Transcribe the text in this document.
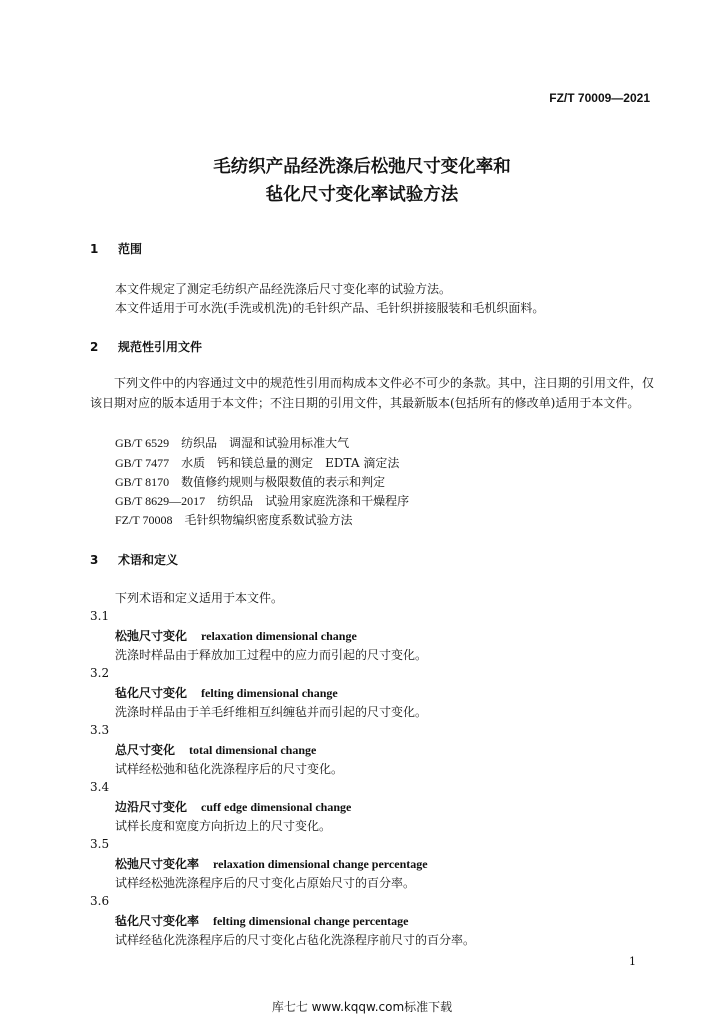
FZ/T 70009—2021
毛纺织产品经洗涤后松弛尺寸变化率和
毡化尺寸变化率试验方法
1 范围
本文件规定了测定毛纺织产品经洗涤后尺寸变化率的试验方法。
本文件适用于可水洗(手洗或机洗)的毛针织产品、毛针织拼接服装和毛机织面料。
2 规范性引用文件
下列文件中的内容通过文中的规范性引用而构成本文件必不可少的条款。其中，注日期的引用文件，仅该日期对应的版本适用于本文件；不注日期的引用文件，其最新版本(包括所有的修改单)适用于本文件。
GB/T 6529 纺织品　调湿和试验用标准大气
GB/T 7477 水质　钙和镁总量的测定　EDTA 滴定法
GB/T 8170 数值修约规则与极限数值的表示和判定
GB/T 8629—2017 纺织品　试验用家庭洗涤和干燥程序
FZ/T 70008 毛针织物编织密度系数试验方法
3 术语和定义
下列术语和定义适用于本文件。
3.1
松弛尺寸变化 relaxation dimensional change
洗涤时样品由于释放加工过程中的应力而引起的尺寸变化。
3.2
毡化尺寸变化 felting dimensional change
洗涤时样品由于羊毛纤维相互纠缠毡并而引起的尺寸变化。
3.3
总尺寸变化 total dimensional change
试样经松弛和毡化洗涤程序后的尺寸变化。
3.4
边沿尺寸变化 cuff edge dimensional change
试样长度和宽度方向折边上的尺寸变化。
3.5
松弛尺寸变化率 relaxation dimensional change percentage
试样经松弛洗涤程序后的尺寸变化占原始尺寸的百分率。
3.6
毡化尺寸变化率 felting dimensional change percentage
试样经毡化洗涤程序后的尺寸变化占毡化洗涤程序前尺寸的百分率。
1
库七七 www.kqqw.com标准下载
